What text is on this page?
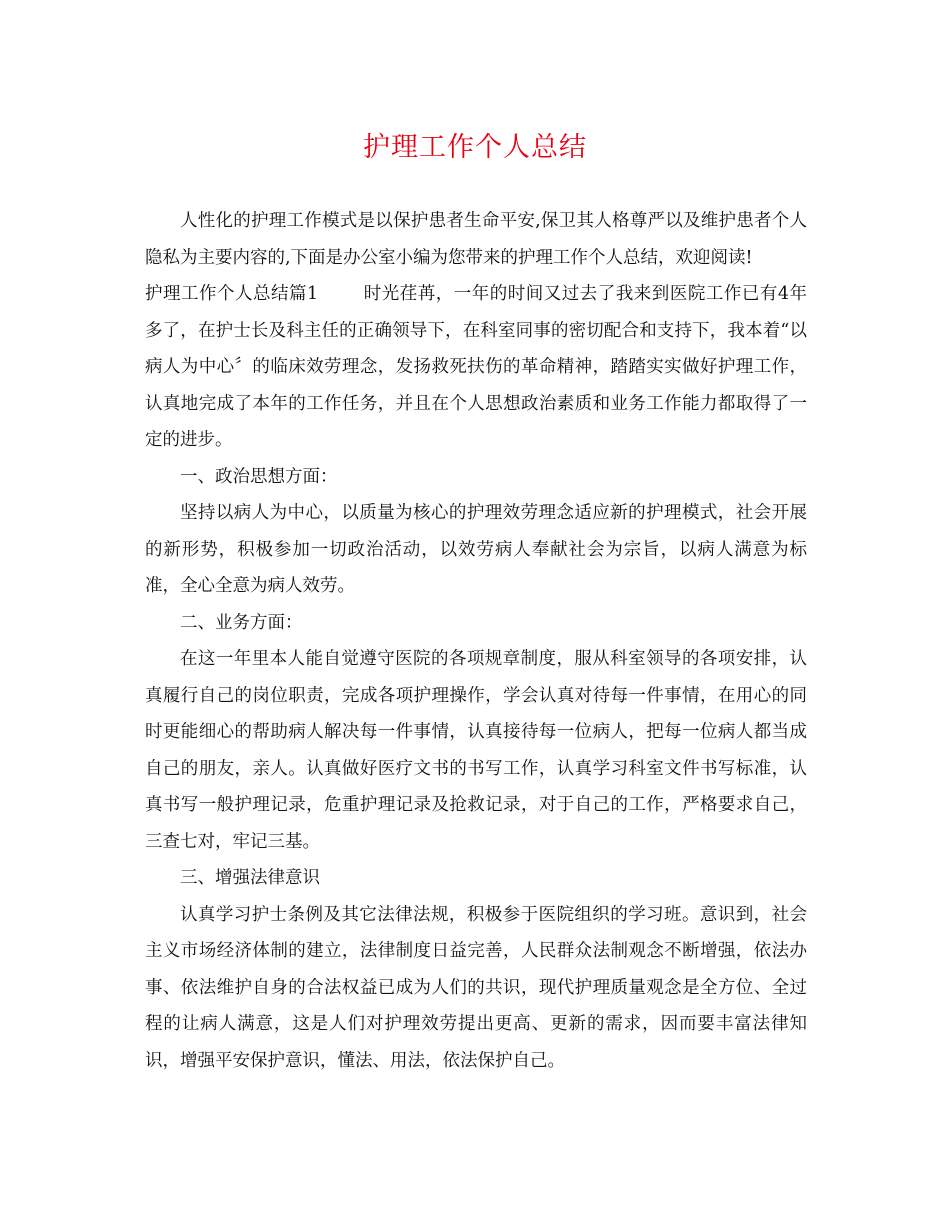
护理工作个人总结

人性化的护理工作模式是以保护患者生命平安,保卫其人格尊严以及维护患者个人隐私为主要内容的,下面是办公室小编为您带来的护理工作个人总结，欢迎阅读!

护理工作个人总结篇1	时光荏苒，一年的时间又过去了我来到医院工作已有4年多了，在护士长及科主任的正确领导下，在科室同事的密切配合和支持下，我本着“以病人为中心〞的临床效劳理念，发扬救死扶伤的革命精神，踏踏实实做好护理工作，认真地完成了本年的工作任务，并且在个人思想政治素质和业务工作能力都取得了一定的进步。

一、政治思想方面：

坚持以病人为中心，以质量为核心的护理效劳理念适应新的护理模式，社会开展的新形势，积极参加一切政治活动，以效劳病人奉献社会为宗旨，以病人满意为标准，全心全意为病人效劳。

二、业务方面：

在这一年里本人能自觉遵守医院的各项规章制度，服从科室领导的各项安排，认真履行自己的岗位职责，完成各项护理操作，学会认真对待每一件事情，在用心的同时更能细心的帮助病人解决每一件事情，认真接待每一位病人，把每一位病人都当成自己的朋友，亲人。认真做好医疗文书的书写工作，认真学习科室文件书写标准，认真书写一般护理记录，危重护理记录及抢救记录，对于自己的工作，严格要求自己，三查七对，牢记三基。

三、增强法律意识

认真学习护士条例及其它法律法规，积极参于医院组织的学习班。意识到，社会主义市场经济体制的建立，法律制度日益完善，人民群众法制观念不断增强，依法办事、依法维护自身的合法权益已成为人们的共识，现代护理质量观念是全方位、全过程的让病人满意，这是人们对护理效劳提出更高、更新的需求，因而要丰富法律知识，增强平安保护意识，懂法、用法，依法保护自己。
